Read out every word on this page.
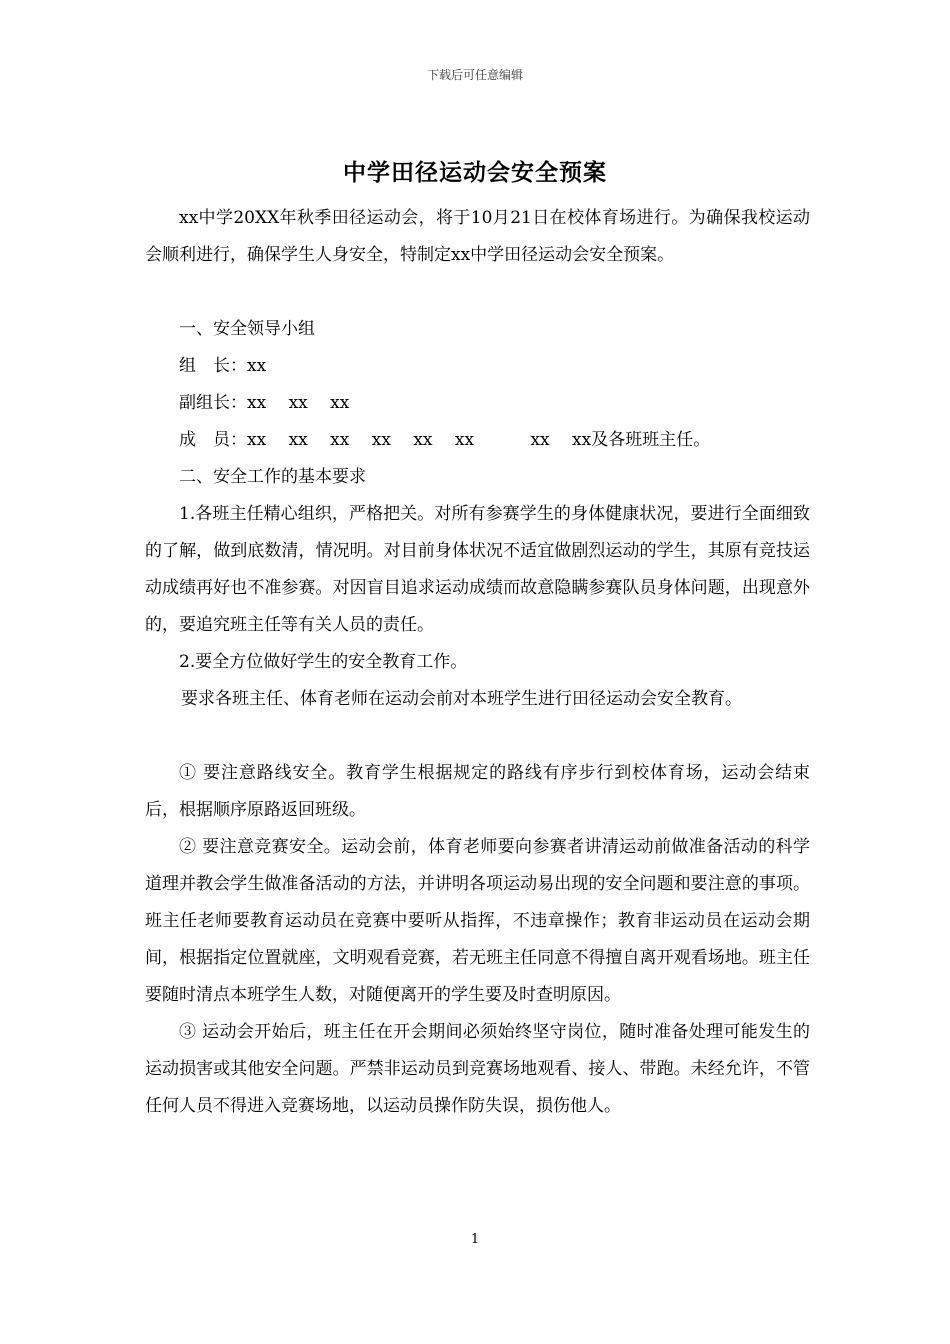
下载后可任意编辑
中学田径运动会安全预案

xx中学20XX年秋季田径运动会，将于10月21日在校体育场进行。为确保我校运动会顺利进行，确保学生人身安全，特制定xx中学田径运动会安全预案。

一、安全领导小组

组　长：xx

副组长：xx　 xx　 xx

成　员：xx　 xx　 xx　 xx　 xx　 xx　　　 xx　 xx及各班班主任。

二、安全工作的基本要求

1.各班主任精心组织，严格把关。对所有参赛学生的身体健康状况，要进行全面细致的了解，做到底数清，情况明。对目前身体状况不适宜做剧烈运动的学生，其原有竞技运动成绩再好也不准参赛。对因盲目追求运动成绩而故意隐瞒参赛队员身体问题，出现意外的，要追究班主任等有关人员的责任。

2.要全方位做好学生的安全教育工作。

要求各班主任、体育老师在运动会前对本班学生进行田径运动会安全教育。

① 要注意路线安全。教育学生根据规定的路线有序步行到校体育场，运动会结束后，根据顺序原路返回班级。

② 要注意竞赛安全。运动会前，体育老师要向参赛者讲清运动前做准备活动的科学道理并教会学生做准备活动的方法，并讲明各项运动易出现的安全问题和要注意的事项。班主任老师要教育运动员在竞赛中要听从指挥，不违章操作；教育非运动员在运动会期间，根据指定位置就座，文明观看竞赛，若无班主任同意不得擅自离开观看场地。班主任要随时清点本班学生人数，对随便离开的学生要及时查明原因。

③ 运动会开始后，班主任在开会期间必须始终坚守岗位，随时准备处理可能发生的运动损害或其他安全问题。严禁非运动员到竞赛场地观看、接人、带跑。未经允许，不管任何人员不得进入竞赛场地，以运动员操作防失误，损伤他人。

1
